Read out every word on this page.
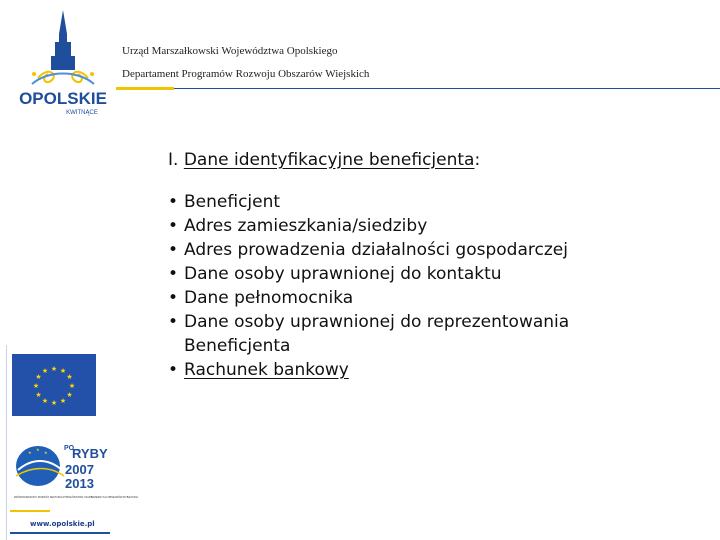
OPOLSKIE
KWITNĄCE
Urząd Marszałkowski Województwa Opolskiego
Departament Programów Rozwoju Obszarów Wiejskich
I. Dane identyfikacyjne beneficjenta:
• Beneficjent
• Adres zamieszkania/siedziby
• Adres prowadzenia działalności gospodarczej
• Dane osoby uprawnionej do kontaktu
• Dane pełnomocnika
• Dane osoby uprawnionej do reprezentowania
Beneficjenta
• Rachunek bankowy
★ ★
★
★
★
★
★
★
★
★
★
★
★
★
★
PO
RYBY
2007
2013
ZRÓWNOWAŻONY ROZWÓJ SEKTORA RYBOŁÓWSTWA I NADBRZEŻNYCH OBSZARÓW RYBACKICH
www.opolskie.pl
